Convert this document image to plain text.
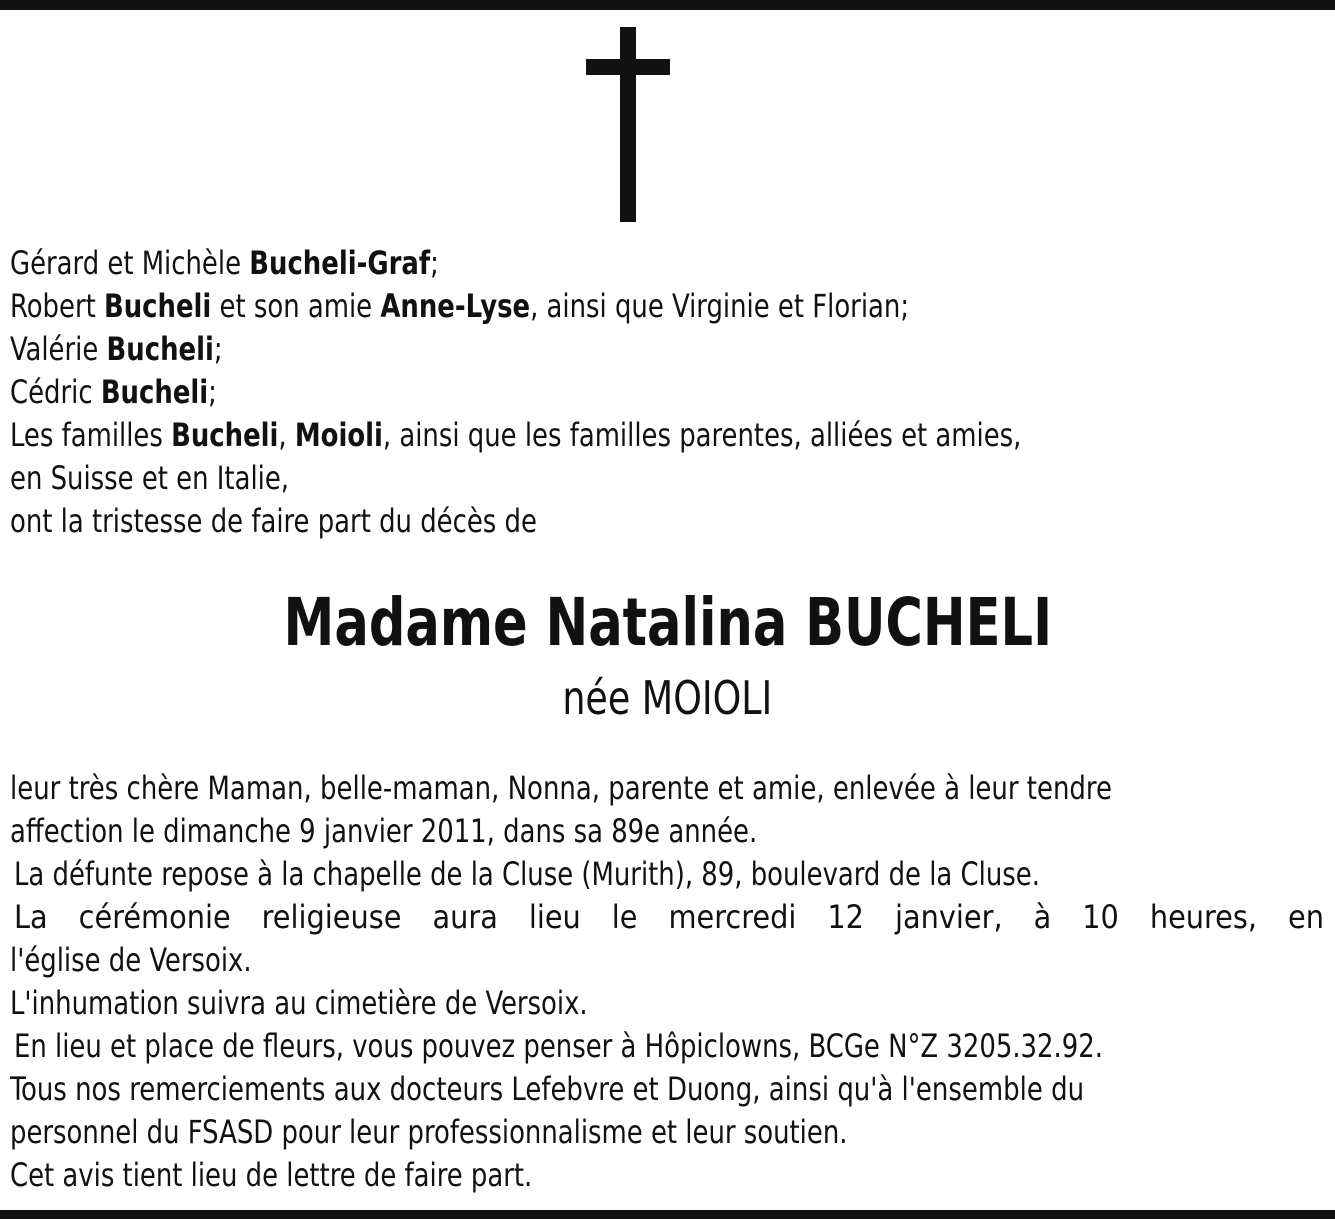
Gérard et Michèle Bucheli-Graf;
Robert Bucheli et son amie Anne-Lyse, ainsi que Virginie et Florian;
Valérie Bucheli;
Cédric Bucheli;
Les familles Bucheli, Moioli, ainsi que les familles parentes, alliées et amies,
en Suisse et en Italie,
ont la tristesse de faire part du décès de
Madame Natalina BUCHELI
née MOIOLI
leur très chère Maman, belle-maman, Nonna, parente et amie, enlevée à leur tendre
affection le dimanche 9 janvier 2011, dans sa 89e année.
La défunte repose à la chapelle de la Cluse (Murith), 89, boulevard de la Cluse.
La cérémonie religieuse aura lieu le mercredi 12 janvier, à 10 heures, en
l'église de Versoix.
L'inhumation suivra au cimetière de Versoix.
En lieu et place de fleurs, vous pouvez penser à Hôpiclowns, BCGe N°Z 3205.32.92.
Tous nos remerciements aux docteurs Lefebvre et Duong, ainsi qu'à l'ensemble du
personnel du FSASD pour leur professionnalisme et leur soutien.
Cet avis tient lieu de lettre de faire part.
